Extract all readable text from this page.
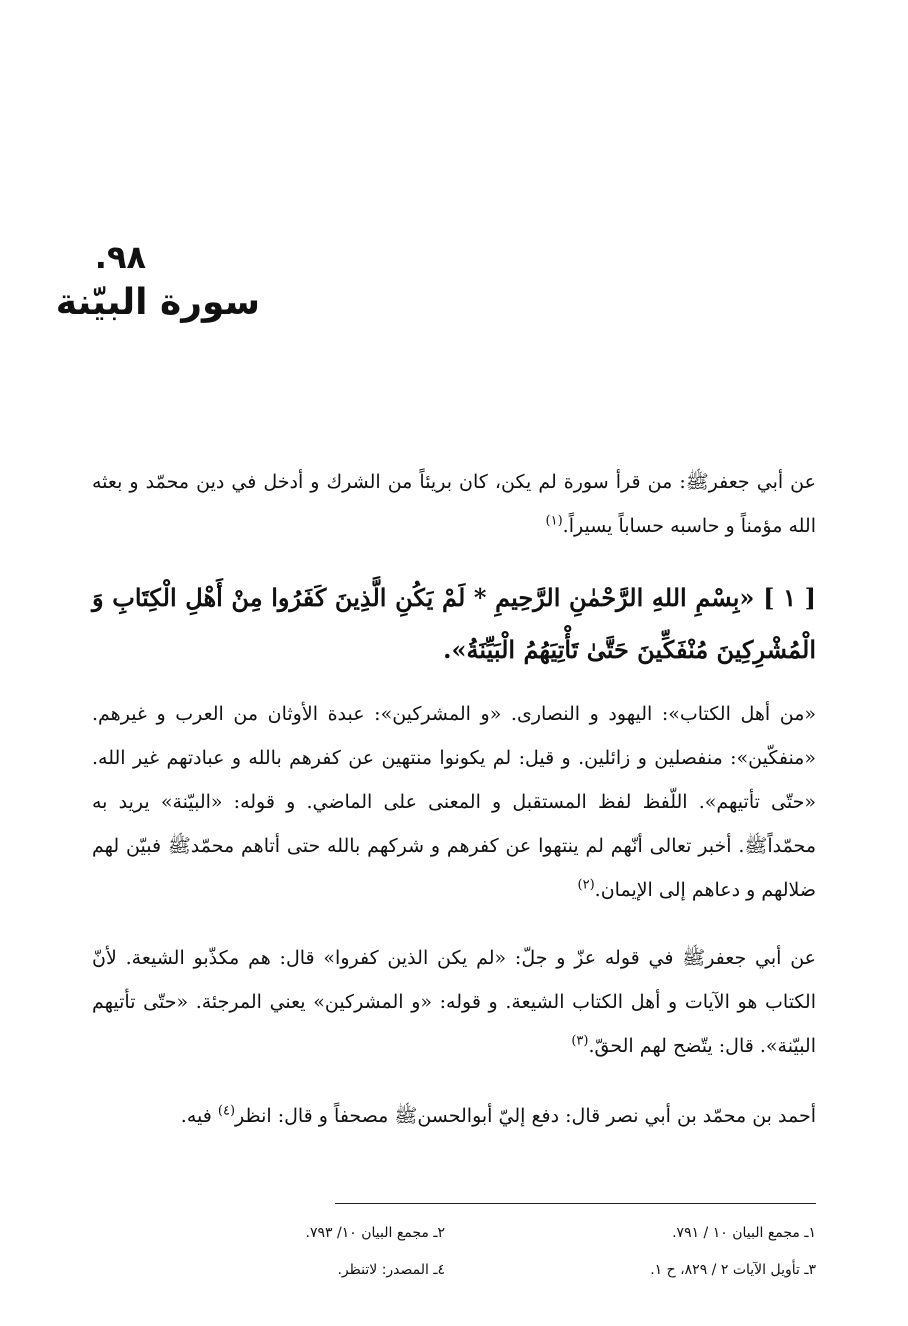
٩٨.
سورة البيّنة

عن أبي جعفرﷺ: من قرأ سورة لم يكن، كان بريئاً من الشرك و أدخل في دين محمّد و بعثه الله مؤمناً و حاسبه حساباً يسيراً.$^{(١)}$

[ ١ ] «بِسْمِ اللهِ الرَّحْمٰنِ الرَّحِيمِ * لَمْ يَكُنِ الَّذِينَ كَفَرُوا مِنْ أَهْلِ الْكِتَابِ وَ الْمُشْرِكِينَ مُنْفَكِّينَ حَتَّىٰ تَأْتِيَهُمُ الْبَيِّنَةُ».

«من أهل الكتاب»: اليهود و النصارى. «و المشركين»: عبدة الأوثان من العرب و غيرهم. «منفكّين»: منفصلين و زائلين. و قيل: لم يكونوا منتهين عن كفرهم بالله و عبادتهم غير الله. «حتّى تأتيهم». اللّفظ لفظ المستقبل و المعنى على الماضي. و قوله: «البيّنة» يريد به محمّداًﷺ. أخبر تعالى أنّهم لم ينتهوا عن كفرهم و شركهم بالله حتى أتاهم محمّدﷺ فبيّن لهم ضلالهم و دعاهم إلى الإيمان.$^{(٢)}$

عن أبي جعفرﷺ في قوله عزّ و جلّ: «لم يكن الذين كفروا» قال: هم مكذّبو الشيعة. لأنّ الكتاب هو الآيات و أهل الكتاب الشيعة. و قوله: «و المشركين» يعني المرجئة. «حتّى تأتيهم البيّنة». قال: يتّضح لهم الحقّ.$^{(٣)}$

أحمد بن محمّد بن أبي نصر قال: دفع إليّ أبوالحسنﷺ مصحفاً و قال: انظر$^{(٤)}$ فيه.

١ـ مجمع البيان ١٠ / ٧٩١.
٢ـ مجمع البيان ١٠/ ٧٩٣.
٣ـ تأويل الآيات ٢ / ٨٢٩، ح ١.
٤ـ المصدر: لاتنظر.
